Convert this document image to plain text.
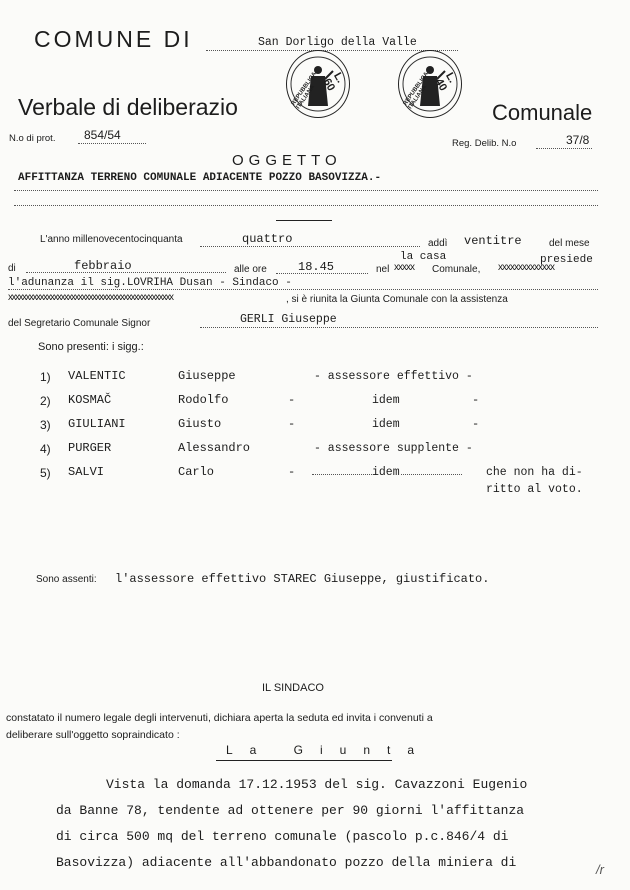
COMUNE DI	San Dorligo della Valle
Verbale di deliberazio	Comunale
N.o di prot. 854/54
Reg. Delib. N.o	37/8
REPUBBLICA ITALIANA
L. 60	REPUBBLICA ITALIANA
L. 40
OGGETTO
AFFITTANZA TERRENO COMUNALE ADIACENTE POZZO BASOVIZZA.-
L'anno millenovecentocinquanta	quattro	addì ventitre	del mese
di	febbraio	alle ore	18.45	nel xxxxx Comunale, xxxxxxxxxxxxxx
la casa	presiede
l'adunanza il sig.LOVRIHA Dusan - Sindaco -
xxxxxxxxxxxxxxxxxxxxxxxxxxxxxxxxxxxxxxxxxxxxxxx	, si è riunita la Giunta Comunale con la assistenza
del Segretario Comunale Signor	GERLI Giuseppe
Sono presenti: i sigg.:
1) VALENTIC	Giuseppe	- assessore effettivo -
2) KOSMAČ	Rodolfo	-	idem	-
3) GIULIANI	Giusto	-	idem	-
4) PURGER	Alessandro	- assessore supplente -
5) SALVI	Carlo	-	idem	che non ha di-
ritto al voto.
Sono assenti: l'assessore effettivo STAREC Giuseppe, giustificato.
IL SINDACO
constatato il numero legale degli intervenuti, dichiara aperta la seduta ed invita i convenuti a
deliberare sull'oggetto sopraindicato :
La Giunta
Vista la domanda 17.12.1953 del sig. Cavazzoni Eugenio
da Banne 78, tendente ad ottenere per 90 giorni l'affittanza
di circa 500 mq del terreno comunale (pascolo p.c.846/4 di
Basovizza) adiacente all'abbandonato pozzo della miniera di	/r
